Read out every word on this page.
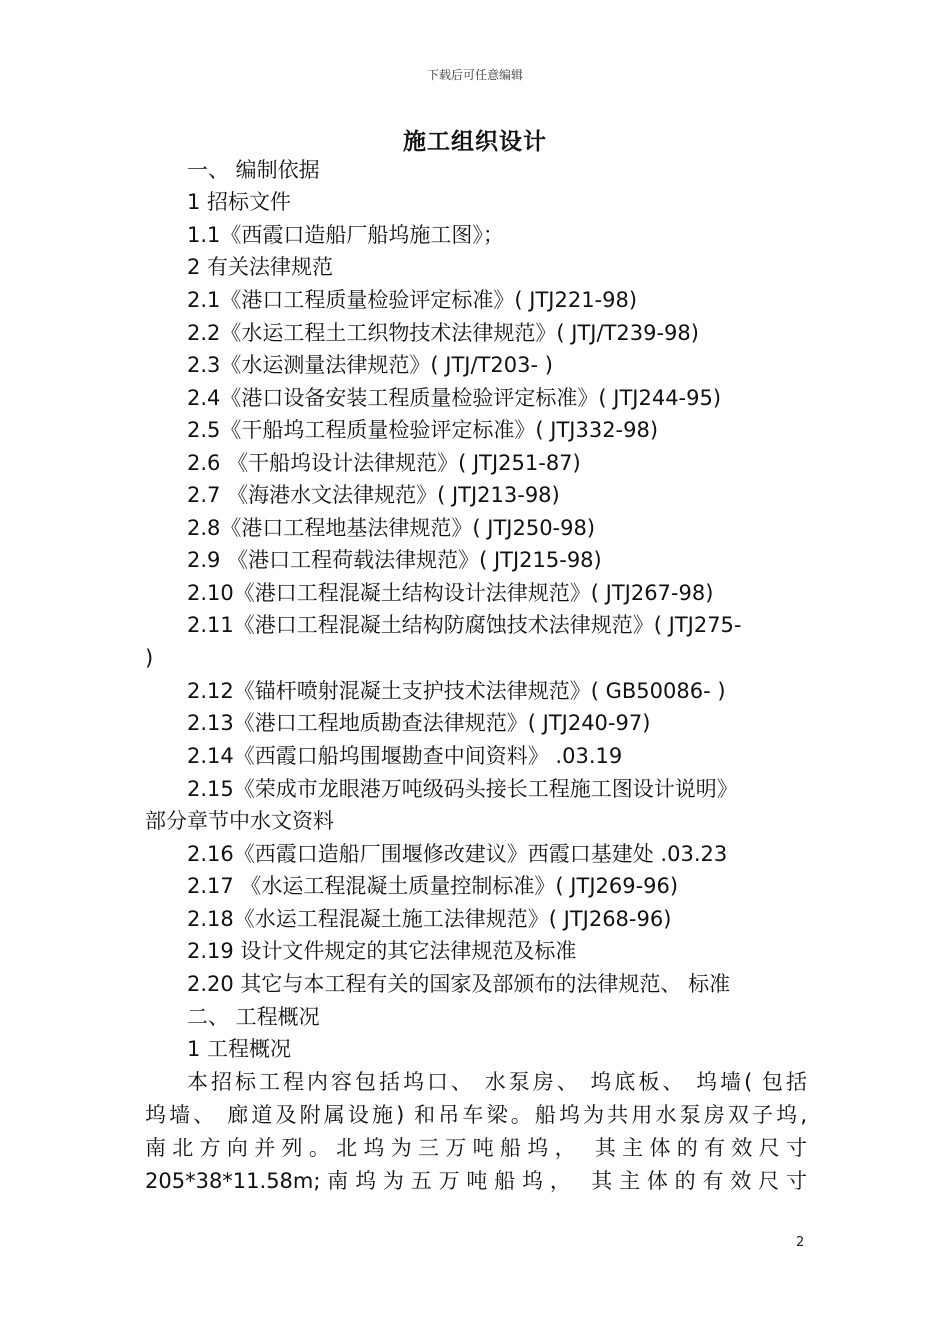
下载后可任意编辑
施工组织设计
一、 编制依据
1 招标文件
1.1《西霞口造船厂船坞施工图》；
2 有关法律规范
2.1《港口工程质量检验评定标准》( JTJ221-98)
2.2《水运工程土工织物技术法律规范》( JTJ/T239-98)
2.3《水运测量法律规范》( JTJ/T203- )
2.4《港口设备安装工程质量检验评定标准》( JTJ244-95)
2.5《干船坞工程质量检验评定标准》( JTJ332-98)
2.6 《干船坞设计法律规范》( JTJ251-87)
2.7 《海港水文法律规范》( JTJ213-98)
2.8《港口工程地基法律规范》( JTJ250-98)
2.9 《港口工程荷载法律规范》( JTJ215-98)
2.10《港口工程混凝土结构设计法律规范》( JTJ267-98)
2.11《港口工程混凝土结构防腐蚀技术法律规范》( JTJ275-
)
2.12《锚杆喷射混凝土支护技术法律规范》( GB50086- )
2.13《港口工程地质勘查法律规范》( JTJ240-97)
2.14《西霞口船坞围堰勘查中间资料》 .03.19
2.15《荣成市龙眼港万吨级码头接长工程施工图设计说明》
部分章节中水文资料
2.16《西霞口造船厂围堰修改建议》西霞口基建处 .03.23
2.17 《水运工程混凝土质量控制标准》( JTJ269-96)
2.18《水运工程混凝土施工法律规范》( JTJ268-96)
2.19 设计文件规定的其它法律规范及标准
2.20 其它与本工程有关的国家及部颁布的法律规范、 标准
二、 工程概况
1 工程概况
本招标工程内容包括坞口、 水泵房、 坞底板、 坞墙( 包括
坞墙、 廊道及附属设施) 和吊车梁。船坞为共用水泵房双子坞,
南北方向并列。北坞为三万吨船坞， 其主体的有效尺寸
205*38*11.58m;南坞为五万吨船坞， 其主体的有效尺寸
2
